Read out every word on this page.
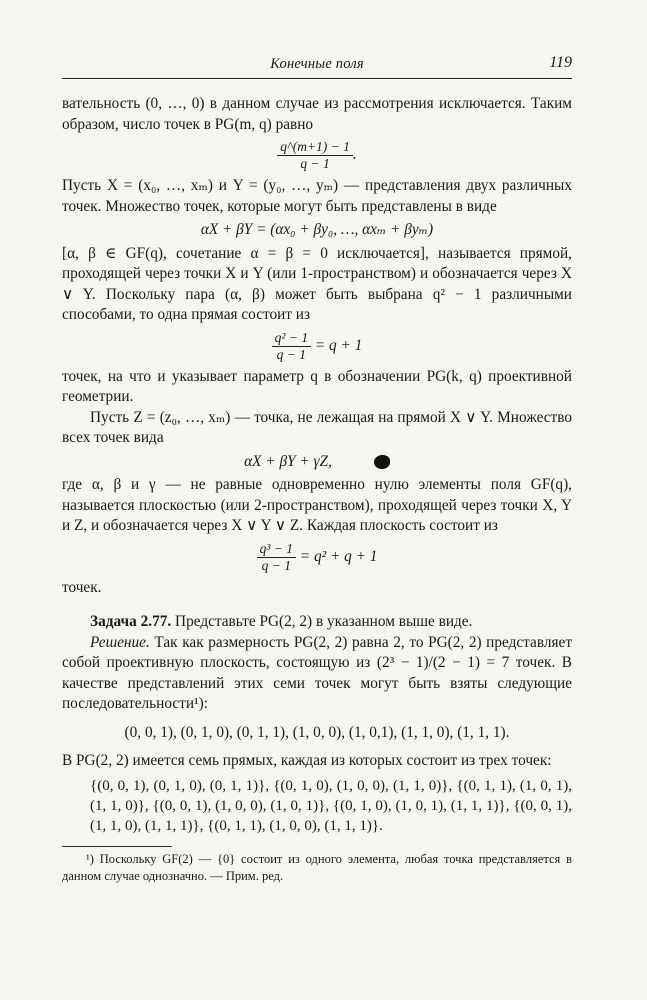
Конечные поля	119

вательность (0, …, 0) в данном случае из рассмотрения исключается. Таким образом, число точек в PG(m, q) равно

$\frac{q\^{}(m+1) - 1}{q - 1}$ .

Пусть X = (x₀, …, xₘ) и Y = (y₀, …, yₘ) — представления двух различных точек. Множество точек, которые могут быть представлены в виде

αX + βY = (αx₀ + βy₀, …, αxₘ + βyₘ)

[α, β ∈ GF(q), сочетание α = β = 0 исключается], называется прямой, проходящей через точки X и Y (или 1-пространством) и обозначается через X ∨ Y. Поскольку пара (α, β) может быть выбрана q² − 1 различными способами, то одна прямая состоит из

$\frac{\text{q² − 1}}{q - 1} = q + 1$

точек, на что и указывает параметр q в обозначении PG(k, q) проективной геометрии.

Пусть Z = (z₀, …, xₘ) — точка, не лежащая на прямой X ∨ Y. Множество всех точек вида

αX + βY + γZ,

где α, β и γ — не равные одновременно нулю элементы поля GF(q), называется плоскостью (или 2-пространством), проходящей через точки X, Y и Z, и обозначается через X ∨ Y ∨ Z. Каждая плоскость состоит из

$\frac{\text{q³ − 1}}{q - 1} = q^2 + q + 1$

точек.

Задача 2.77. Представьте PG(2, 2) в указанном выше виде.

Решение. Так как размерность PG(2, 2) равна 2, то PG(2, 2) представляет собой проективную плоскость, состоящую из (2³ − 1)/(2 − 1) = 7 точек. В качестве представлений этих семи точек могут быть взяты следующие последовательности¹):

(0, 0, 1), (0, 1, 0), (0, 1, 1), (1, 0, 0), (1, 0,1), (1, 1, 0), (1, 1, 1).

В PG(2, 2) имеется семь прямых, каждая из которых состоит из трех точек:

{(0, 0, 1), (0, 1, 0), (0, 1, 1)}, {(0, 1, 0), (1, 0, 0), (1, 1, 0)}, {(0, 1, 1), (1, 0, 1), (1, 1, 0)}, {(0, 0, 1), (1, 0, 0), (1, 0, 1)}, {(0, 1, 0), (1, 0, 1), (1, 1, 1)}, {(0, 0, 1), (1, 1, 0), (1, 1, 1)}, {(0, 1, 1), (1, 0, 0), (1, 1, 1)}.

¹) Поскольку GF(2) — {0} состоит из одного элемента, любая точка представляется в данном случае однозначно. — Прим. ред.
